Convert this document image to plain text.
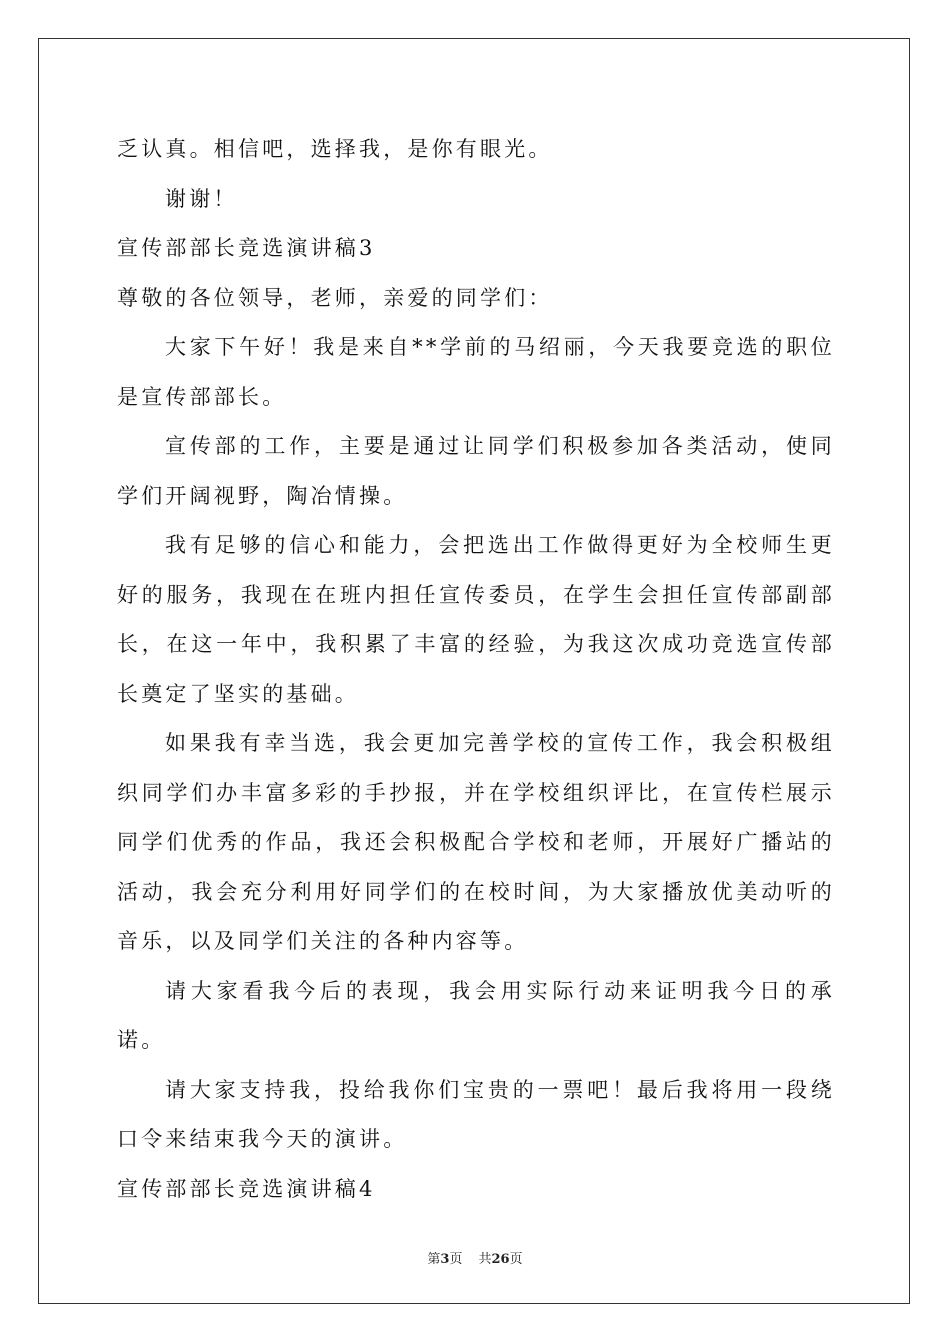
乏认真。相信吧，选择我，是你有眼光。

谢谢！

宣传部部长竞选演讲稿3

尊敬的各位领导，老师，亲爱的同学们：

大家下午好！我是来自**学前的马绍丽，今天我要竞选的职位是宣传部部长。

宣传部的工作，主要是通过让同学们积极参加各类活动，使同学们开阔视野，陶冶情操。

我有足够的信心和能力，会把选出工作做得更好为全校师生更好的服务，我现在在班内担任宣传委员，在学生会担任宣传部副部长，在这一年中，我积累了丰富的经验，为我这次成功竞选宣传部长奠定了坚实的基础。

如果我有幸当选，我会更加完善学校的宣传工作，我会积极组织同学们办丰富多彩的手抄报，并在学校组织评比，在宣传栏展示同学们优秀的作品，我还会积极配合学校和老师，开展好广播站的活动，我会充分利用好同学们的在校时间，为大家播放优美动听的音乐，以及同学们关注的各种内容等。

请大家看我今后的表现，我会用实际行动来证明我今日的承诺。

请大家支持我，投给我你们宝贵的一票吧！最后我将用一段绕口令来结束我今天的演讲。

宣传部部长竞选演讲稿4

第3页 共26页
